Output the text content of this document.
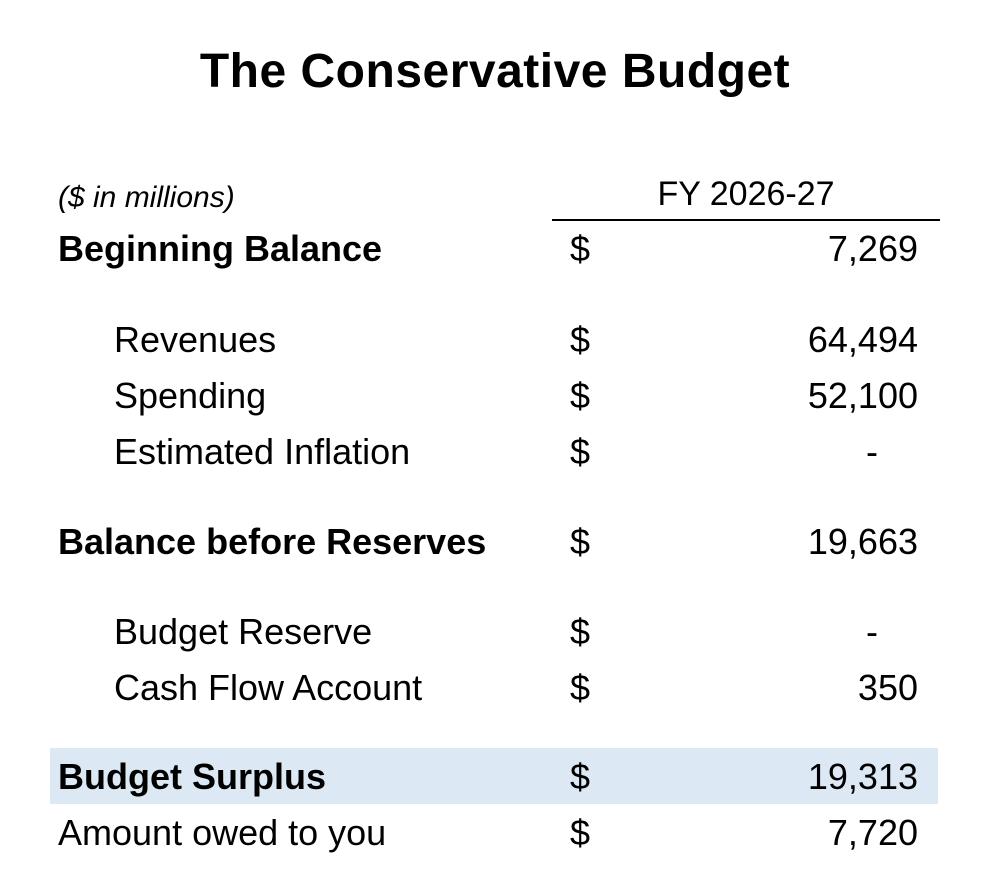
The Conservative Budget
($ in millions)	FY 2026-27
Beginning Balance	$	7,269
Revenues	$	64,494
Spending	$	52,100
Estimated Inflation	$	-
Balance before Reserves $	19,663
Budget Reserve	$	-
Cash Flow Account	$	350
Budget Surplus	$	19,313
Amount owed to you	$	7,720
